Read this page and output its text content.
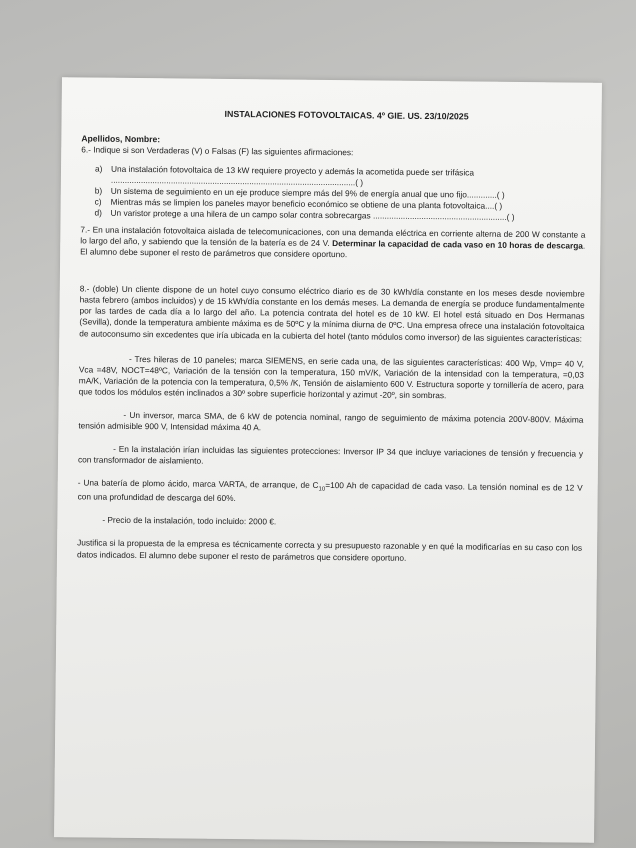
INSTALACIONES FOTOVOLTAICAS. 4º GIE. US. 23/10/2025
Apellidos, Nombre:
6.- Indique si son Verdaderas (V) o Falsas (F) las siguientes afirmaciones:
a)	Una instalación fotovoltaica de 13 kW requiere proyecto y además la acometida puede ser trifásica ..........................................................................................................( )
b)	Un sistema de seguimiento en un eje produce siempre más del 9% de energía anual que uno fijo.............( )
c)	Mientras más se limpien los paneles mayor beneficio económico se obtiene de una planta fotovoltaica....( )
d)	Un varistor protege a una hilera de un campo solar contra sobrecargas ..........................................................( )
7.- En una instalación fotovoltaica aislada de telecomunicaciones, con una demanda eléctrica en corriente alterna de 200 W constante a lo largo del año, y sabiendo que la tensión de la batería es de 24 V. Determinar la capacidad de cada vaso en 10 horas de descarga. El alumno debe suponer el resto de parámetros que considere oportuno.
8.- (doble) Un cliente dispone de un hotel cuyo consumo eléctrico diario es de 30 kWh/día constante en los meses desde noviembre hasta febrero (ambos incluidos) y de 15 kWh/día constante en los demás meses. La demanda de energía se produce fundamentalmente por las tardes de cada día a lo largo del año. La potencia contrata del hotel es de 10 kW. El hotel está situado en Dos Hermanas (Sevilla), donde la temperatura ambiente máxima es de 50ºC y la mínima diurna de 0ºC. Una empresa ofrece una instalación fotovoltaica de autoconsumo sin excedentes que iría ubicada en la cubierta del hotel (tanto módulos como inversor) de las siguientes características:
- Tres hileras de 10 paneles; marca SIEMENS, en serie cada una, de las siguientes características: 400 Wp, Vmp= 40 V, Vca =48V, NOCT=48ºC, Variación de la tensión con la temperatura, 150 mV/K, Variación de la intensidad con la temperatura, =0,03 mA/K, Variación de la potencia con la temperatura, 0,5% /K, Tensión de aislamiento 600 V. Estructura soporte y tornillería de acero, para que todos los módulos estén inclinados a 30º sobre superficie horizontal y azimut -20º, sin sombras.
- Un inversor, marca SMA, de 6 kW de potencia nominal, rango de seguimiento de máxima potencia 200V-800V. Máxima tensión admisible 900 V, Intensidad máxima 40 A.
- En la instalación irían incluidas las siguientes protecciones: Inversor IP 34 que incluye variaciones de tensión y frecuencia y con transformador de aislamiento.
- Una batería de plomo ácido, marca VARTA, de arranque, de $C_{10}=100$ Ah de capacidad de cada vaso. La tensión nominal es de 12 V con una profundidad de descarga del 60%.
- Precio de la instalación, todo incluido: 2000 €.
Justifica si la propuesta de la empresa es técnicamente correcta y su presupuesto razonable y en qué la modificarías en su caso con los datos indicados. El alumno debe suponer el resto de parámetros que considere oportuno.
